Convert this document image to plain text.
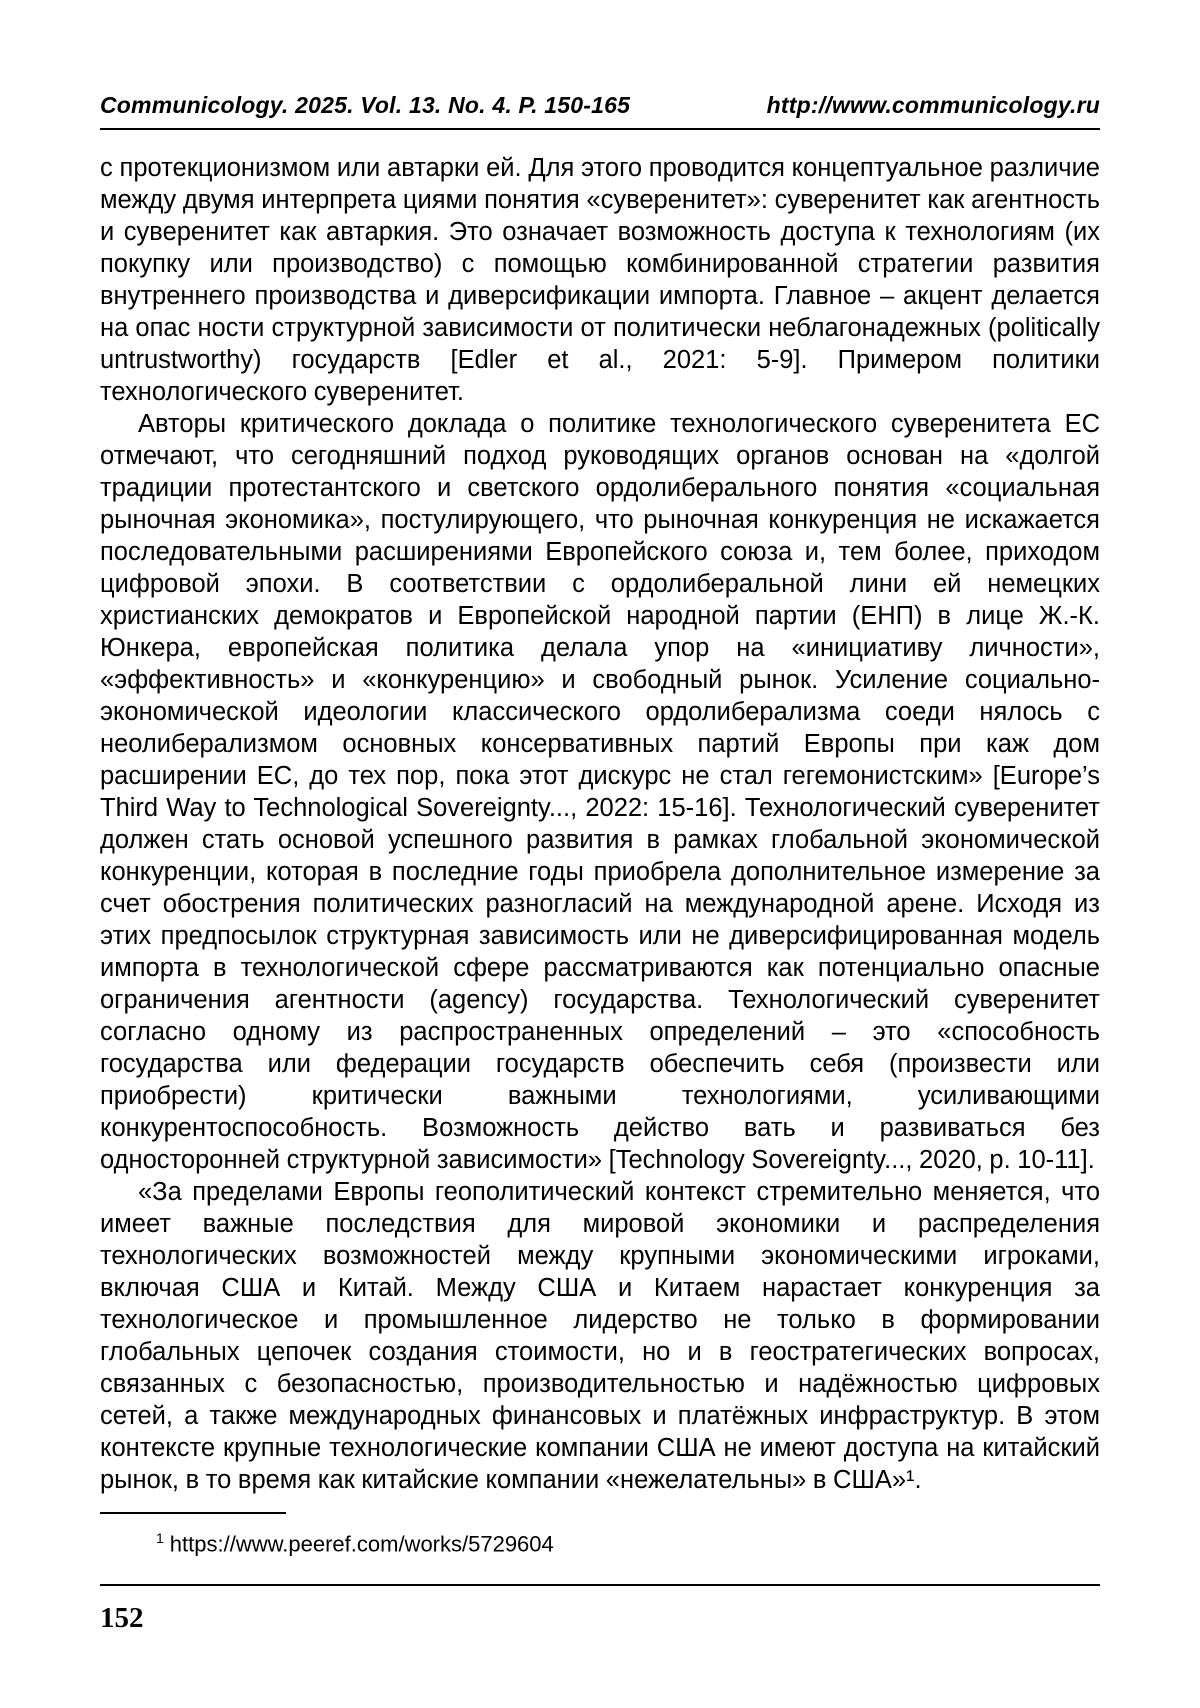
Communicology. 2025. Vol. 13. No. 4. P. 150-165	http://www.communicology.ru

с протекционизмом или автарки ей. Для этого проводится концептуальное различие между двумя интерпрета циями понятия «суверенитет»: суверенитет как агентность и суверенитет как автаркия. Это означает возможность доступа к технологиям (их покупку или производство) с помощью комбинированной стратегии развития внутреннего производства и диверсификации импорта. Главное – акцент делается на опас ности структурной зависимости от политически неблагонадежных (politically untrustworthy) государств [Edler et al., 2021: 5-9]. Примером политики технологического суверенитет.

Авторы критического доклада о политике технологического суверенитета ЕС отмечают, что сегодняшний подход руководящих органов основан на «долгой традиции протестантского и светского ордолиберального понятия «социальная рыночная экономика», постулирующего, что рыночная конкуренция не искажается последовательными расширениями Европейского союза и, тем более, приходом цифровой эпохи. В соответствии с ордолиберальной лини ей немецких христианских демократов и Европейской народной партии (ЕНП) в лице Ж.-К. Юнкера, европейская политика делала упор на «инициативу личности», «эффективность» и «конкуренцию» и свободный рынок. Усиление социально-экономической идеологии классического ордолиберализма соеди нялось с неолиберализмом основных консервативных партий Европы при каж дом расширении ЕС, до тех пор, пока этот дискурс не стал гегемонистским» [Europe’s Third Way to Technological Sovereignty..., 2022: 15-16]. Технологический суверенитет должен стать основой успешного развития в рамках глобальной экономической конкуренции, которая в последние годы приобрела дополнительное измерение за счет обострения политических разногласий на международной арене. Исходя из этих предпосылок структурная зависимость или не диверсифицированная модель импорта в технологической сфере рассматриваются как потенциально опасные ограничения агентности (agency) государства. Технологический суверенитет согласно одному из распространенных определений – это «способность государства или федерации государств обеспечить себя (произвести или приобрести) критически важными технологиями, усиливающими конкурентоспособность. Возможность действо вать и развиваться без односторонней структурной зависимости» [Technology Sovereignty..., 2020, p. 10-11].

«За пределами Европы геополитический контекст стремительно меняется, что имеет важные последствия для мировой экономики и распределения технологических возможностей между крупными экономическими игроками, включая США и Китай. Между США и Китаем нарастает конкуренция за технологическое и промышленное лидерство не только в формировании глобальных цепочек создания стоимости, но и в геостратегических вопросах, связанных с безопасностью, производительностью и надёжностью цифровых сетей, а также международных финансовых и платёжных инфраструктур. В этом контексте крупные технологические компании США не имеют доступа на китайский рынок, в то время как китайские компании «нежелательны» в США»¹.

$^1$ https://www.peeref.com/works/5729604

152
